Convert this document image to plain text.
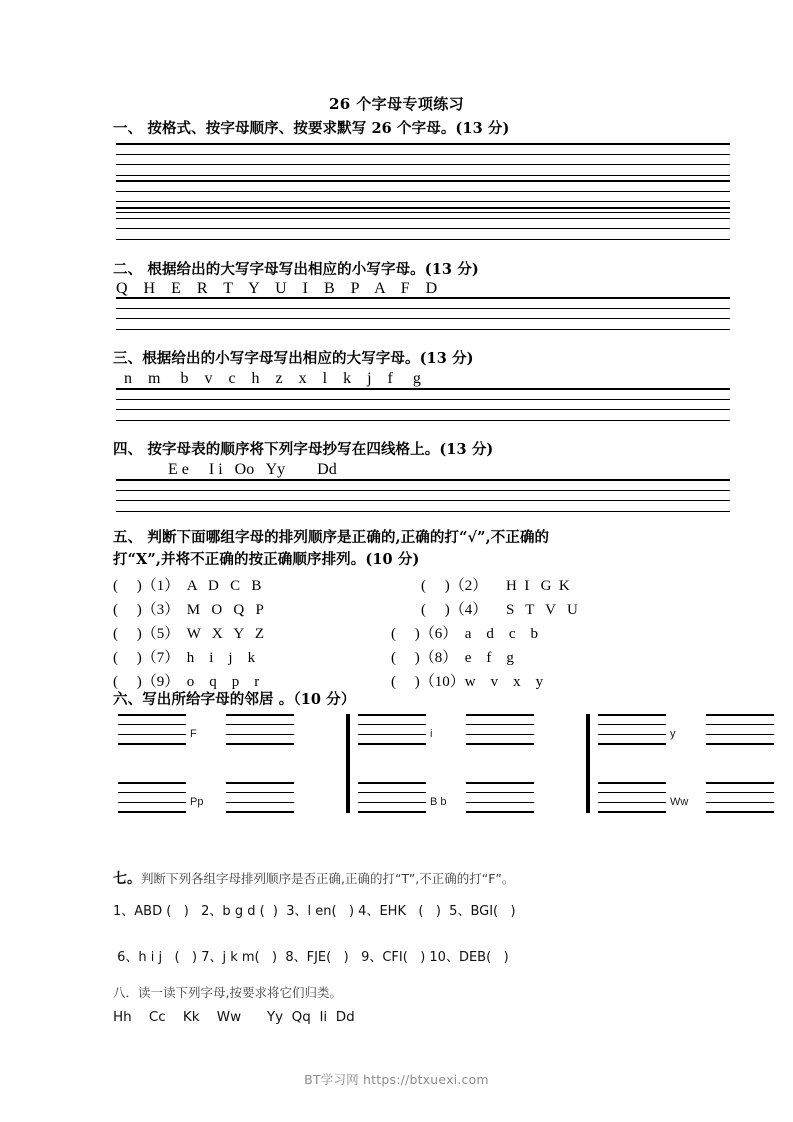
26 个字母专项练习
一、 按格式、按字母顺序、按要求默写 26 个字母。(13 分)
二、 根据给出的大写字母写出相应的小写字母。(13 分)
Q    H    E    R    T    Y    U    I    B    P    A    F    D
三、根据给出的小写字母写出相应的大写字母。(13 分)
n    m     b    v    c    h    z    x    l    k    j    f     g
四、 按字母表的顺序将下列字母抄写在四线格上。(13 分)
E e     I i   Oo   Yy        Dd
五、 判断下面哪组字母的排列顺序是正确的,正确的打“√”,不正确的
打“X”,并将不正确的按正确顺序排列。(10 分)
(     )（1）  A   D   C   B	(     )（2）     H  I   G  K
(     )（3）  M   O   Q   P	(     )（4）     S   T   V   U
(     )（5）  W   X   Y   Z	(     )（6）  a    d    c    b
(     )（7）  h    i    j    k	(     )（8）  e    f    g
(     )（9）  o    q    p    r	(     )（10）w    v    x    y
六、写出所给字母的邻居 。（10 分）
F	i	y
Pp	B b	Ww
七。判断下列各组字母排列顺序是否正确,正确的打“T”,不正确的打“F”。
1、ABD (   )   2、b g d (  )  3、l en(   ) 4、EHK   (   )  5、BGI(   )
6、h i j   (   ) 7、j k m(   )  8、FJE(   )   9、CFI(   ) 10、DEB(   )
八．读一读下列字母,按要求将它们归类。
Hh    Cc    Kk    Ww      Yy  Qq  Ii  Dd
BT学习网 https://btxuexi.com
